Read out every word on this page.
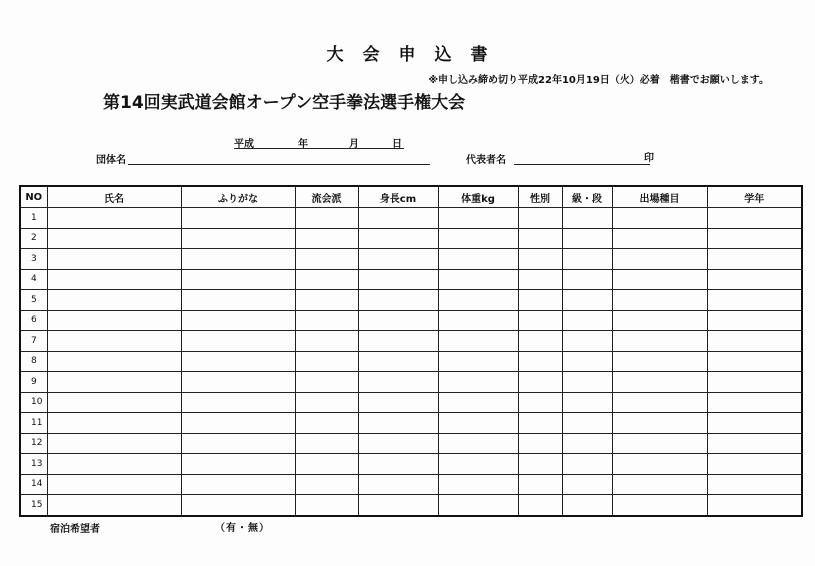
大　会　申　込　書
※申し込み締め切り平成22年10月19日（火）必着　楷書でお願いします。
第14回実武道会館オープン空手拳法選手権大会
平成	年	月	日
団体名	代表者名	印
NO	氏名	ふりがな	流会派	身長cm	体重kg	性別	級・段	出場種目	学年
1									
2									
3									
4									
5									
6									
7									
8									
9									
10									
11									
12									
13									
14									
15									
宿泊希望者	（有・無）
